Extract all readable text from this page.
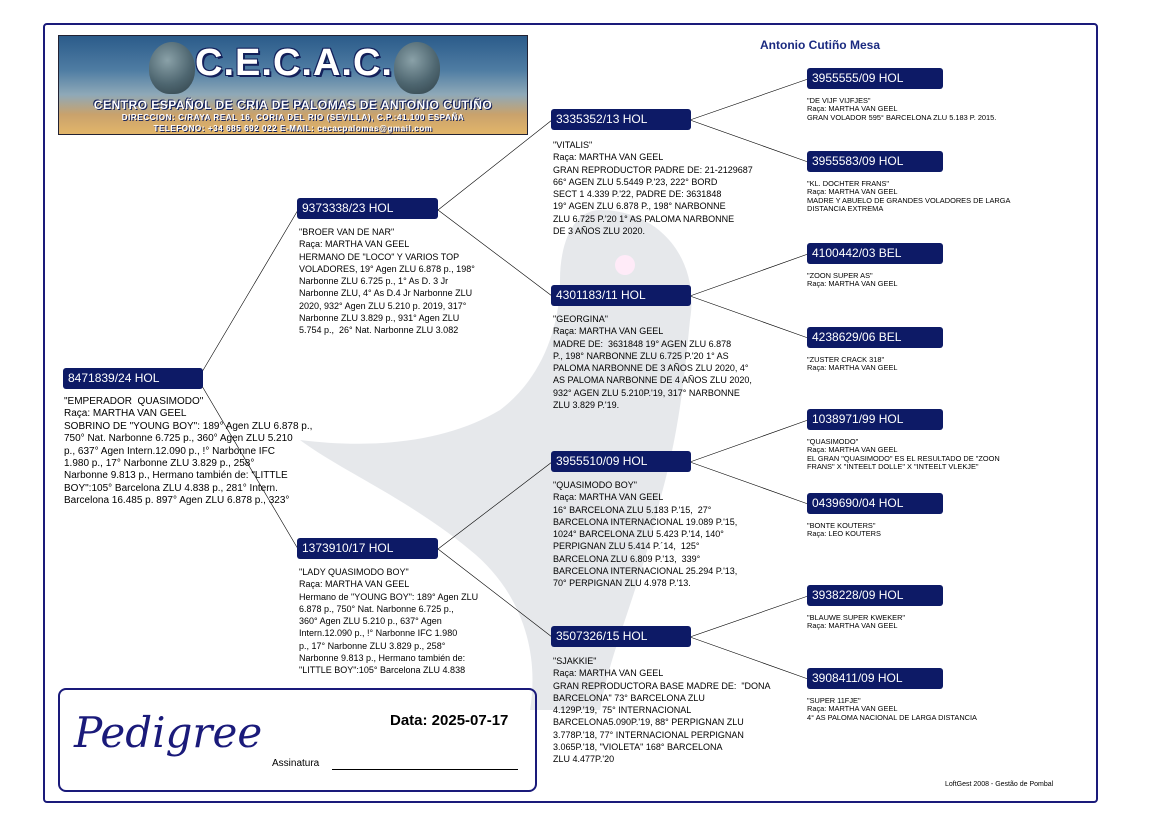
C.E.C.A.C.
CENTRO ESPAÑOL DE CRIA DE PALOMAS DE ANTONIO CUTIÑO
DIRECCION: C/RAYA REAL 16, CORIA DEL RIO (SEVILLA), C.P.:41.100 ESPAÑA
TELEFONO: +34 685 692 022 E-MAIL: cecacpalomas@gmail.com
Antonio Cutiño Mesa
8471839/24 HOL
"EMPERADOR  QUASIMODO"
Raça: MARTHA VAN GEEL
SOBRINO DE "YOUNG BOY": 189° Agen ZLU 6.878 p.,
750° Nat. Narbonne 6.725 p., 360° Agen ZLU 5.210
p., 637° Agen Intern.12.090 p., !° Narbonne IFC
1.980 p., 17° Narbonne ZLU 3.829 p., 258°
Narbonne 9.813 p., Hermano también de: "LITTLE
BOY":105° Barcelona ZLU 4.838 p., 281° Intern.
Barcelona 16.485 p. 897° Agen ZLU 6.878 p., 323°
9373338/23 HOL
"BROER VAN DE NAR"
Raça: MARTHA VAN GEEL
HERMANO DE "LOCO" Y VARIOS TOP
VOLADORES, 19° Agen ZLU 6.878 p., 198°
Narbonne ZLU 6.725 p., 1° As D. 3 Jr
Narbonne ZLU, 4° As D.4 Jr Narbonne ZLU
2020, 932° Agen ZLU 5.210 p. 2019, 317°
Narbonne ZLU 3.829 p., 931° Agen ZLU
5.754 p.,  26° Nat. Narbonne ZLU 3.082
1373910/17 HOL
"LADY QUASIMODO BOY"
Raça: MARTHA VAN GEEL
Hermano de "YOUNG BOY": 189° Agen ZLU
6.878 p., 750° Nat. Narbonne 6.725 p.,
360° Agen ZLU 5.210 p., 637° Agen
Intern.12.090 p., !° Narbonne IFC 1.980
p., 17° Narbonne ZLU 3.829 p., 258°
Narbonne 9.813 p., Hermano también de:
"LITTLE BOY":105° Barcelona ZLU 4.838
3335352/13 HOL
"VITALIS"
Raça: MARTHA VAN GEEL
GRAN REPRODUCTOR PADRE DE: 21-2129687
66° AGEN ZLU 5.5449 P.'23, 222° BORD
SECT 1 4.339 P.'22, PADRE DE: 3631848
19° AGEN ZLU 6.878 P., 198° NARBONNE
ZLU 6.725 P.'20 1° AS PALOMA NARBONNE
DE 3 AÑOS ZLU 2020.
4301183/11 HOL
"GEORGINA"
Raça: MARTHA VAN GEEL
MADRE DE:  3631848 19° AGEN ZLU 6.878
P., 198° NARBONNE ZLU 6.725 P.'20 1° AS
PALOMA NARBONNE DE 3 AÑOS ZLU 2020, 4°
AS PALOMA NARBONNE DE 4 AÑOS ZLU 2020,
932° AGEN ZLU 5.210P.'19, 317° NARBONNE
ZLU 3.829 P.'19.
3955510/09 HOL
"QUASIMODO BOY"
Raça: MARTHA VAN GEEL
16° BARCELONA ZLU 5.183 P.'15,  27°
BARCELONA INTERNACIONAL 19.089 P.'15,
1024° BARCELONA ZLU 5.423 P.'14, 140°
PERPIGNAN ZLU 5.414 P.´14,  125°
BARCELONA ZLU 6.809 P.'13,  339°
BARCELONA INTERNACIONAL 25.294 P.'13,
70° PERPIGNAN ZLU 4.978 P.'13.
3507326/15 HOL
"SJAKKIE"
Raça: MARTHA VAN GEEL
GRAN REPRODUCTORA BASE MADRE DE:  "DONA
BARCELONA" 73° BARCELONA ZLU
4.129P.'19,  75° INTERNACIONAL
BARCELONA5.090P.'19, 88° PERPIGNAN ZLU
3.778P.'18, 77° INTERNACIONAL PERPIGNAN
3.065P.'18, "VIOLETA" 168° BARCELONA
ZLU 4.477P.'20
3955555/09 HOL
"DE VIJF VIJFJES"
Raça: MARTHA VAN GEEL
GRAN VOLADOR 595° BARCELONA ZLU 5.183 P. 2015.
3955583/09 HOL
"KL. DOCHTER FRANS"
Raça: MARTHA VAN GEEL
MADRE Y ABUELO DE GRANDES VOLADORES DE LARGA
DISTANCIA EXTREMA
4100442/03 BEL
"ZOON SUPER AS"
Raça: MARTHA VAN GEEL
4238629/06 BEL
"ZUSTER CRACK 318"
Raça: MARTHA VAN GEEL
1038971/99 HOL
"QUASIMODO"
Raça: MARTHA VAN GEEL
EL GRAN "QUASIMODO" ES EL RESULTADO DE "ZOON
FRANS" X "INTEELT DOLLE" X "INTEELT VLEKJE"
0439690/04 HOL
"BONTE KOUTERS"
Raça: LEO KOUTERS
3938228/09 HOL
"BLAUWE SUPER KWEKER"
Raça: MARTHA VAN GEEL
3908411/09 HOL
"SUPER 11FJE"
Raça: MARTHA VAN GEEL
4° AS PALOMA NACIONAL DE LARGA DISTANCIA
Pedigree	Data: 2025-07-17
Assinatura
LoftGest 2008 - Gestão de Pombal
